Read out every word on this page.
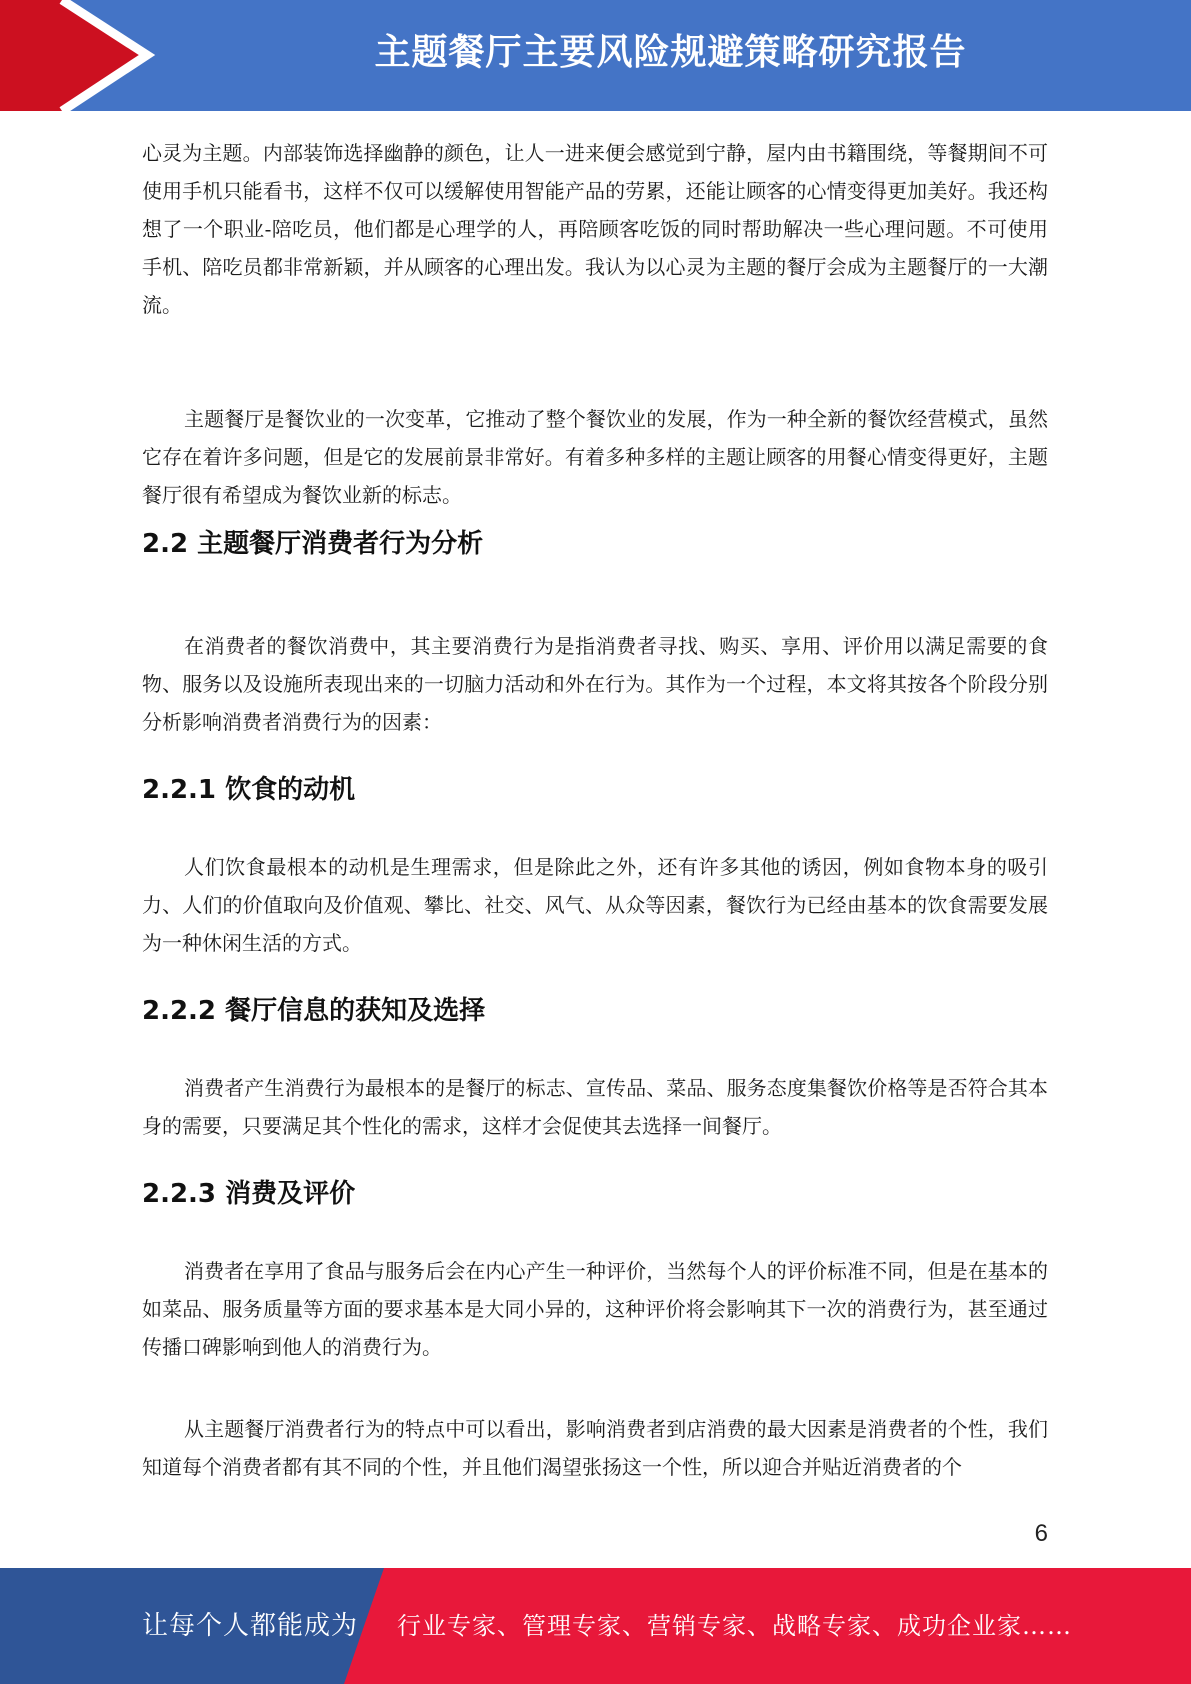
主题餐厅主要风险规避策略研究报告

心灵为主题。内部装饰选择幽静的颜色，让人一进来便会感觉到宁静，屋内由书籍围绕，等餐期间不可使用手机只能看书，这样不仅可以缓解使用智能产品的劳累，还能让顾客的心情变得更加美好。我还构想了一个职业-陪吃员，他们都是心理学的人，再陪顾客吃饭的同时帮助解决一些心理问题。不可使用手机、陪吃员都非常新颖，并从顾客的心理出发。我认为以心灵为主题的餐厅会成为主题餐厅的一大潮流。

主题餐厅是餐饮业的一次变革，它推动了整个餐饮业的发展，作为一种全新的餐饮经营模式，虽然它存在着许多问题，但是它的发展前景非常好。有着多种多样的主题让顾客的用餐心情变得更好，主题餐厅很有希望成为餐饮业新的标志。

2.2 主题餐厅消费者行为分析

在消费者的餐饮消费中，其主要消费行为是指消费者寻找、购买、享用、评价用以满足需要的食物、服务以及设施所表现出来的一切脑力活动和外在行为。其作为一个过程，本文将其按各个阶段分别分析影响消费者消费行为的因素：

2.2.1 饮食的动机

人们饮食最根本的动机是生理需求，但是除此之外，还有许多其他的诱因，例如食物本身的吸引力、人们的价值取向及价值观、攀比、社交、风气、从众等因素，餐饮行为已经由基本的饮食需要发展为一种休闲生活的方式。

2.2.2 餐厅信息的获知及选择

消费者产生消费行为最根本的是餐厅的标志、宣传品、菜品、服务态度集餐饮价格等是否符合其本身的需要，只要满足其个性化的需求，这样才会促使其去选择一间餐厅。

2.2.3 消费及评价

消费者在享用了食品与服务后会在内心产生一种评价，当然每个人的评价标准不同，但是在基本的如菜品、服务质量等方面的要求基本是大同小异的，这种评价将会影响其下一次的消费行为，甚至通过传播口碑影响到他人的消费行为。

从主题餐厅消费者行为的特点中可以看出，影响消费者到店消费的最大因素是消费者的个性，我们知道每个消费者都有其不同的个性，并且他们渴望张扬这一个性，所以迎合并贴近消费者的个

6
让每个人都能成为 行业专家、管理专家、营销专家、战略专家、成功企业家……
